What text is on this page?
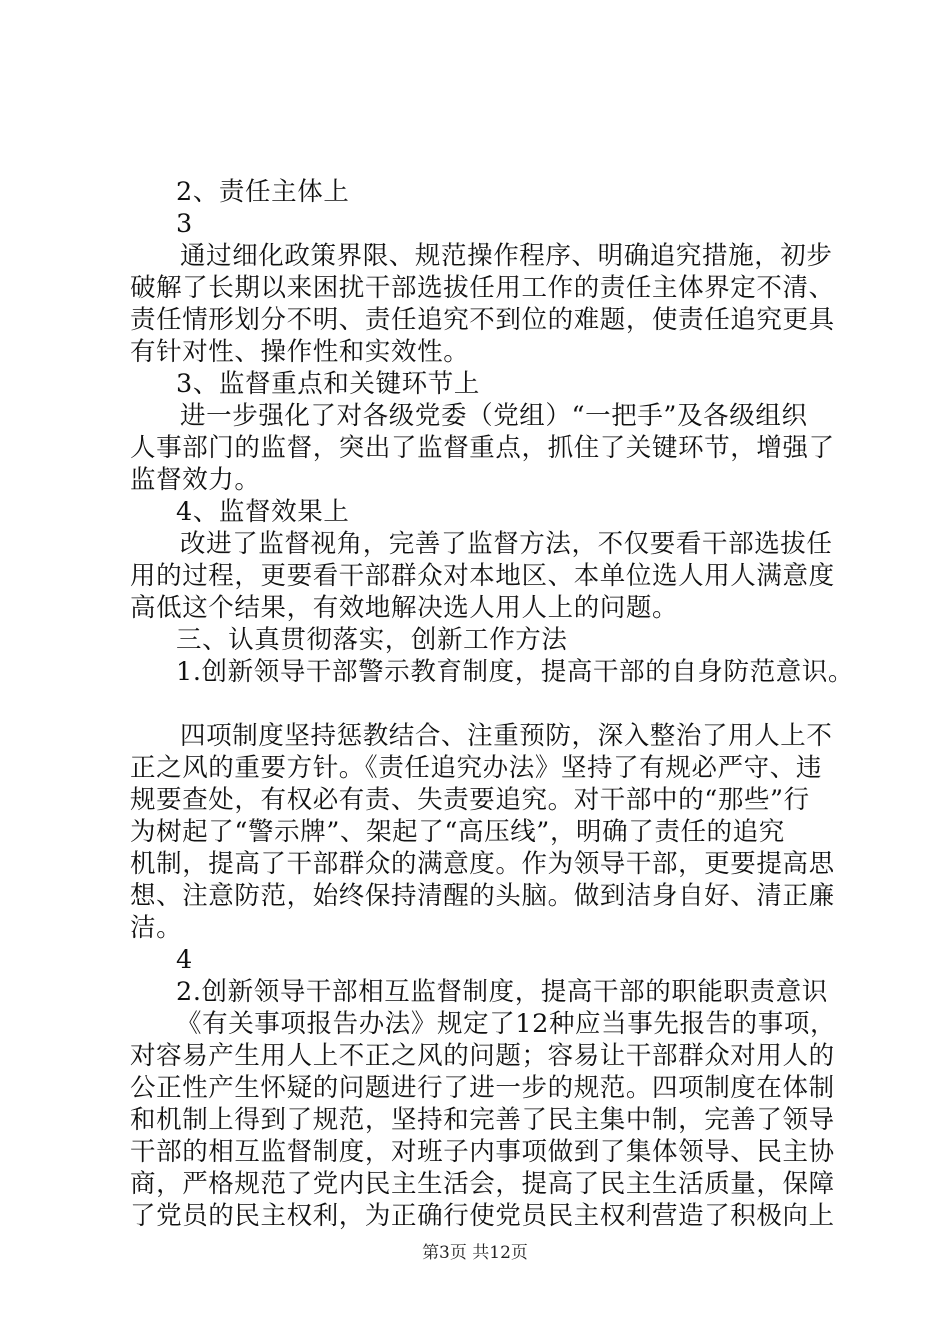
2、责任主体上
3
通过细化政策界限、规范操作程序、明确追究措施，初步
破解了长期以来困扰干部选拔任用工作的责任主体界定不清、
责任情形划分不明、责任追究不到位的难题，使责任追究更具
有针对性、操作性和实效性。
3、监督重点和关键环节上
进一步强化了对各级党委（党组）“一把手”及各级组织
人事部门的监督，突出了监督重点，抓住了关键环节，增强了
监督效力。
4、监督效果上
改进了监督视角，完善了监督方法，不仅要看干部选拔任
用的过程，更要看干部群众对本地区、本单位选人用人满意度
高低这个结果，有效地解决选人用人上的问题。
三、认真贯彻落实，创新工作方法
1.创新领导干部警示教育制度，提高干部的自身防范意识。
四项制度坚持惩教结合、注重预防，深入整治了用人上不
正之风的重要方针。《责任追究办法》坚持了有规必严守、违
规要查处，有权必有责、失责要追究。对干部中的“那些”行
为树起了“警示牌”、架起了“高压线”，明确了责任的追究
机制，提高了干部群众的满意度。作为领导干部，更要提高思
想、注意防范，始终保持清醒的头脑。做到洁身自好、清正廉
洁。
4
2.创新领导干部相互监督制度，提高干部的职能职责意识
《有关事项报告办法》规定了12种应当事先报告的事项，
对容易产生用人上不正之风的问题；容易让干部群众对用人的
公正性产生怀疑的问题进行了进一步的规范。四项制度在体制
和机制上得到了规范，坚持和完善了民主集中制，完善了领导
干部的相互监督制度，对班子内事项做到了集体领导、民主协
商，严格规范了党内民主生活会，提高了民主生活质量，保障
了党员的民主权利，为正确行使党员民主权利营造了积极向上
第3页 共12页
